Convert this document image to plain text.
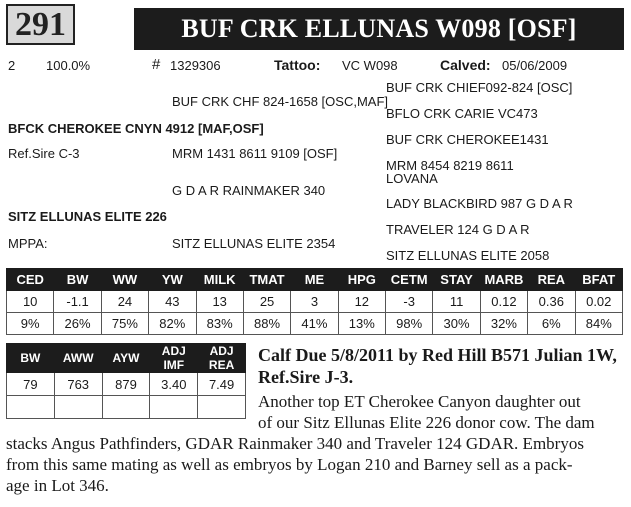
291	BUF CRK ELLUNAS W098 [OSF]
2 100.0%	# 1329306	Tattoo: VC W098	Calved: 05/06/2009
BUF CRK CHIEF092-824 [OSC]
BUF CRK CHF 824-1658 [OSC,MAF]
BFLO CRK CARIE VC473
BFCK CHEROKEE CNYN 4912 [MAF,OSF]
BUF CRK CHEROKEE1431
Ref.Sire C-3	MRM 1431 8611 9109 [OSF]
MRM 8454 8219 8611
LOVANA
G D A R RAINMAKER 340
LADY BLACKBIRD 987 G D A R
SITZ ELLUNAS ELITE 226
TRAVELER 124 G D A R
MPPA:	SITZ ELLUNAS ELITE 2354
SITZ ELLUNAS ELITE 2058
CED	BW	WW	YW	MILK	TMAT	ME	HPG	CETM	STAY	MARB	REA	BFAT
10	-1.1	24	43	13	25	3	12	-3	11	0.12	0.36	0.02
9%	26%	75%	82%	83%	88%	41%	13%	98%	30%	32%	6%	84%
BW	AWW	AYW	ADJ IMF	ADJ REA
79	763	879	3.40	7.49

Calf Due 5/8/2011 by Red Hill B571 Julian 1W, Ref.Sire J-3.
Another top ET Cherokee Canyon daughter out
of our Sitz Ellunas Elite 226 donor cow. The dam
stacks Angus Pathfinders, GDAR Rainmaker 340 and Traveler 124 GDAR. Embryos
from this same mating as well as embryos by Logan 210 and Barney sell as a pack-
age in Lot 346.
